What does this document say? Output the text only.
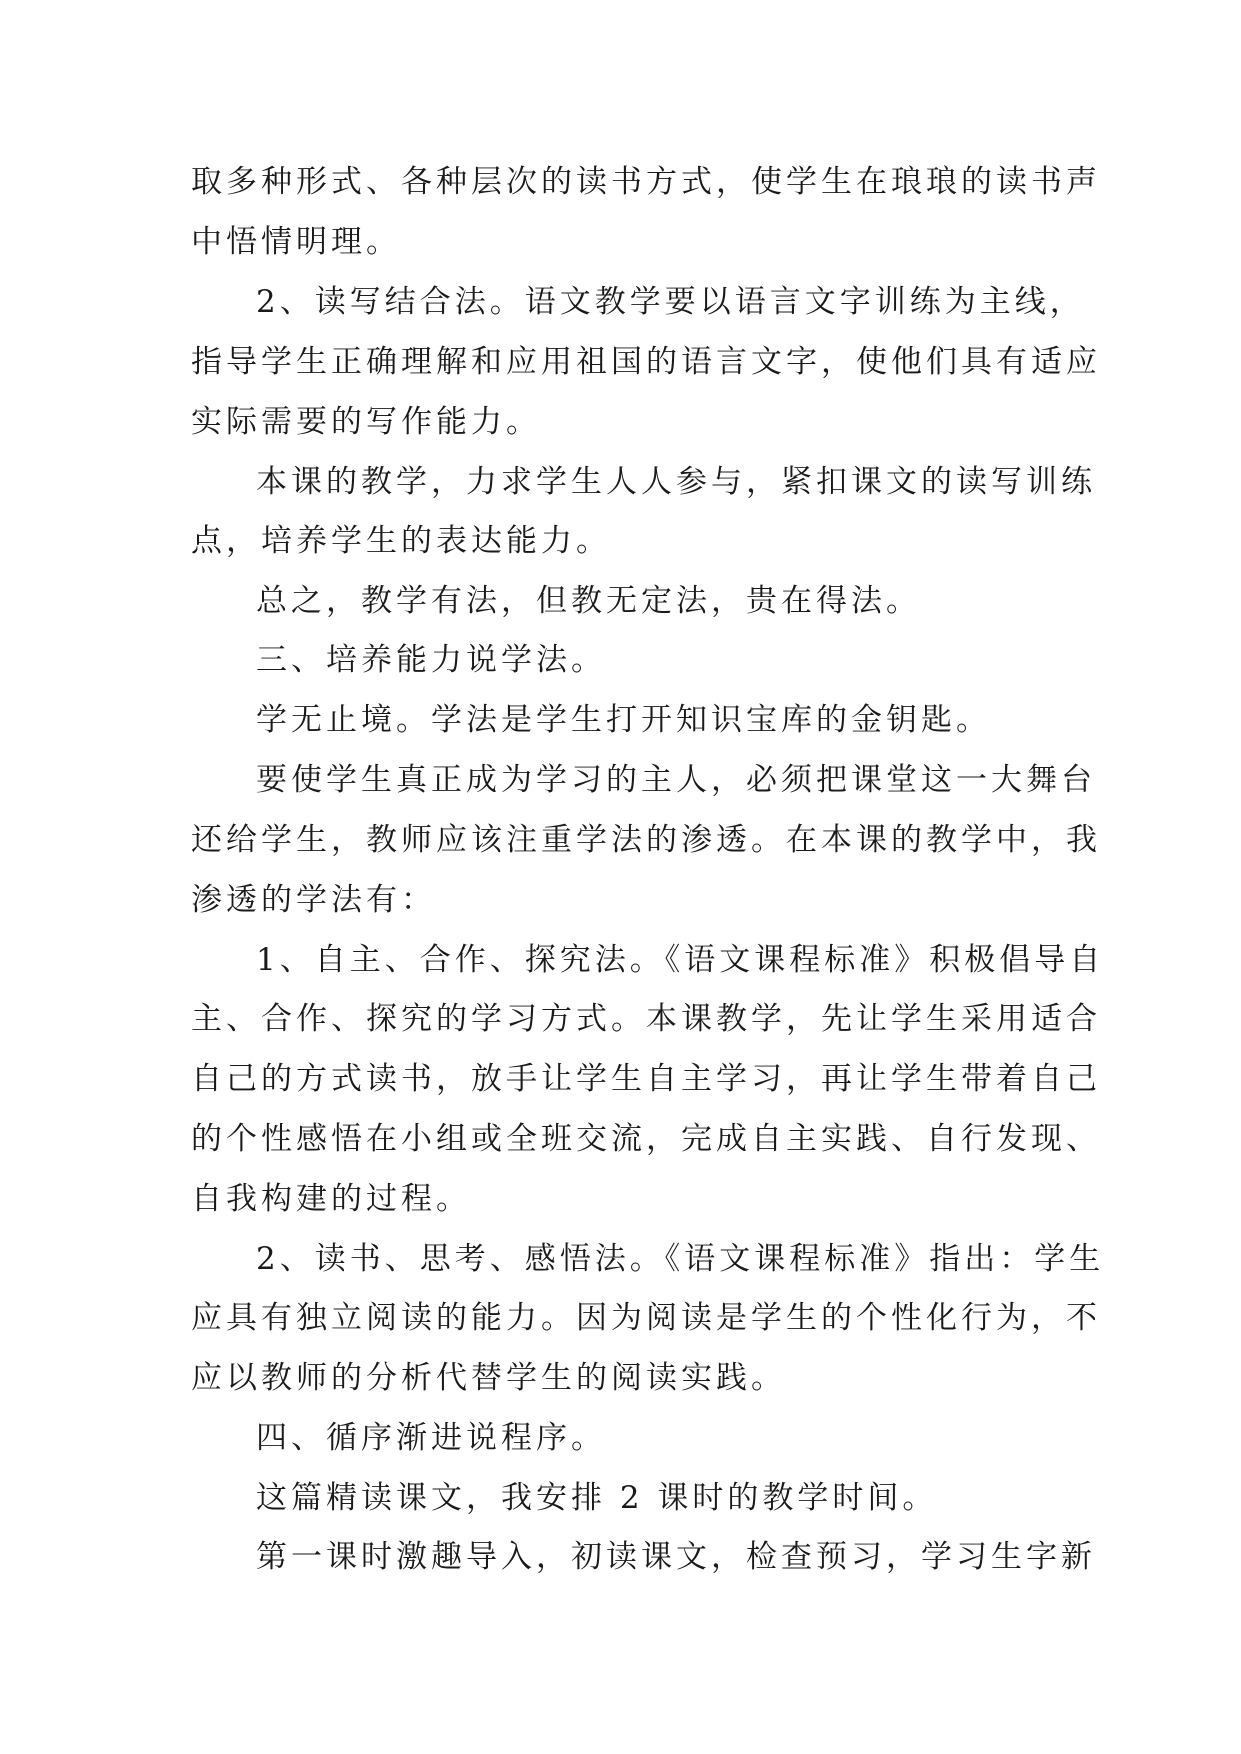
取多种形式、各种层次的读书方式，使学生在琅琅的读书声
中悟情明理。
2、读写结合法。语文教学要以语言文字训练为主线，
指导学生正确理解和应用祖国的语言文字，使他们具有适应
实际需要的写作能力。
本课的教学，力求学生人人参与，紧扣课文的读写训练
点，培养学生的表达能力。
总之，教学有法，但教无定法，贵在得法。
三、培养能力说学法。
学无止境。学法是学生打开知识宝库的金钥匙。
要使学生真正成为学习的主人，必须把课堂这一大舞台
还给学生，教师应该注重学法的渗透。在本课的教学中，我
渗透的学法有：
1、自主、合作、探究法。《语文课程标准》积极倡导自
主、合作、探究的学习方式。本课教学，先让学生采用适合
自己的方式读书，放手让学生自主学习，再让学生带着自己
的个性感悟在小组或全班交流，完成自主实践、自行发现、
自我构建的过程。
2、读书、思考、感悟法。《语文课程标准》指出：学生
应具有独立阅读的能力。因为阅读是学生的个性化行为，不
应以教师的分析代替学生的阅读实践。
四、循序渐进说程序。
这篇精读课文，我安排 2 课时的教学时间。
第一课时激趣导入，初读课文，检查预习，学习生字新
